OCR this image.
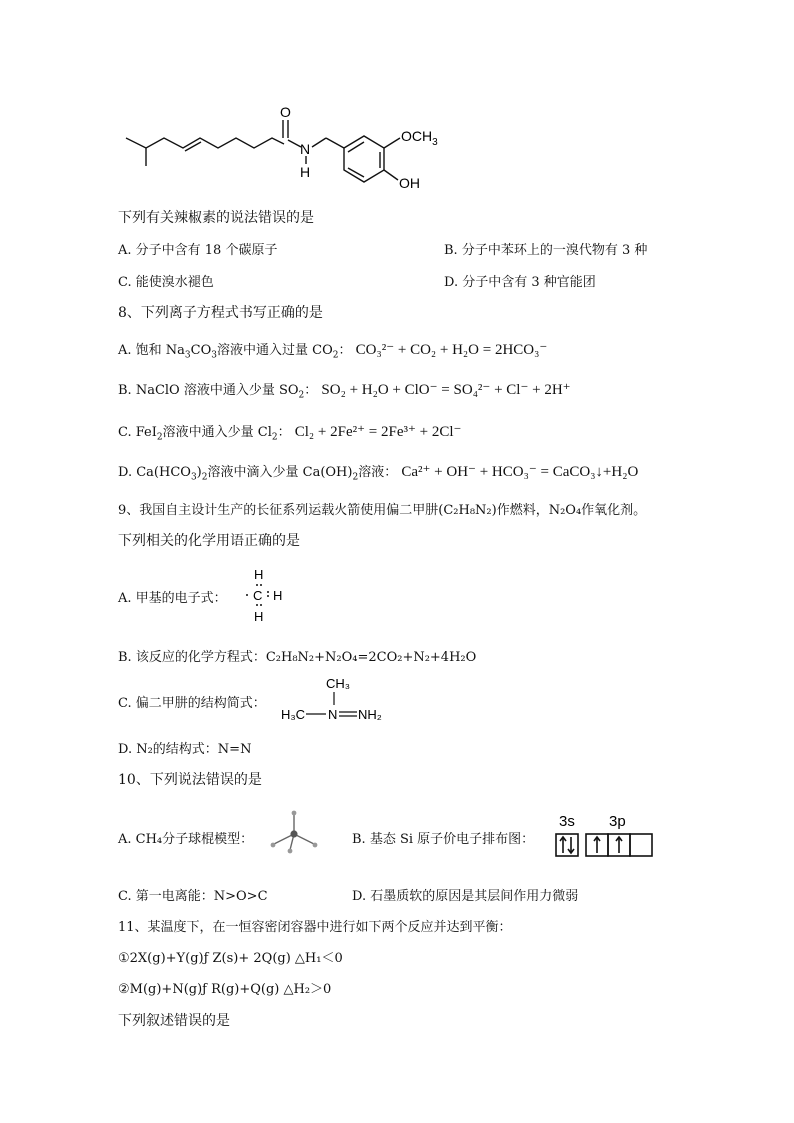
O
N
H
$OCH_3$
OH
下列有关辣椒素的说法错误的是
A. 分子中含有 18 个碳原子	B. 分子中苯环上的一溴代物有 3 种
C. 能使溴水褪色	D. 分子中含有 3 种官能团
8、下列离子方程式书写正确的是
A. 饱和 $Na_3CO_3$溶液中通入过量 $CO_2$： CO₃²⁻ + CO₂ + H₂O = 2HCO₃⁻
B. NaClO 溶液中通入少量 $SO_2$： SO₂ + H₂O + ClO⁻ = SO₄²⁻ + Cl⁻ + 2H⁺
C. FeI$_2$溶液中通入少量 $Cl_2$： Cl₂ + 2Fe²⁺ = 2Fe³⁺ + 2Cl⁻
D. $Ca(HCO_3)_2$溶液中滴入少量 $Ca(OH)_2$溶液： Ca²⁺ + OH⁻ + HCO₃⁻ = CaCO₃↓+H₂O
9、我国自主设计生产的长征系列运载火箭使用偏二甲肼(C₂H₈N₂)作燃料，N₂O₄作氧化剂。
下列相关的化学用语正确的是
A. 甲基的电子式：
H
H
H
C
B. 该反应的化学方程式：C₂H₈N₂+N₂O₄=2CO₂+N₂+4H₂O
C. 偏二甲肼的结构简式：
CH₃
H₃C N NH₂
D. N₂的结构式：N=N
10、下列说法错误的是
A. CH₄分子球棍模型：	B. 基态 Si 原子价电子排布图：
3s 3p
C. 第一电离能：N>O>C	D. 石墨质软的原因是其层间作用力微弱
11、某温度下，在一恒容密闭容器中进行如下两个反应并达到平衡：
①2X(g)+Y(g)ƒ Z(s)+ 2Q(g) △H₁＜0
②M(g)+N(g)ƒ R(g)+Q(g) △H₂＞0
下列叙述错误的是
